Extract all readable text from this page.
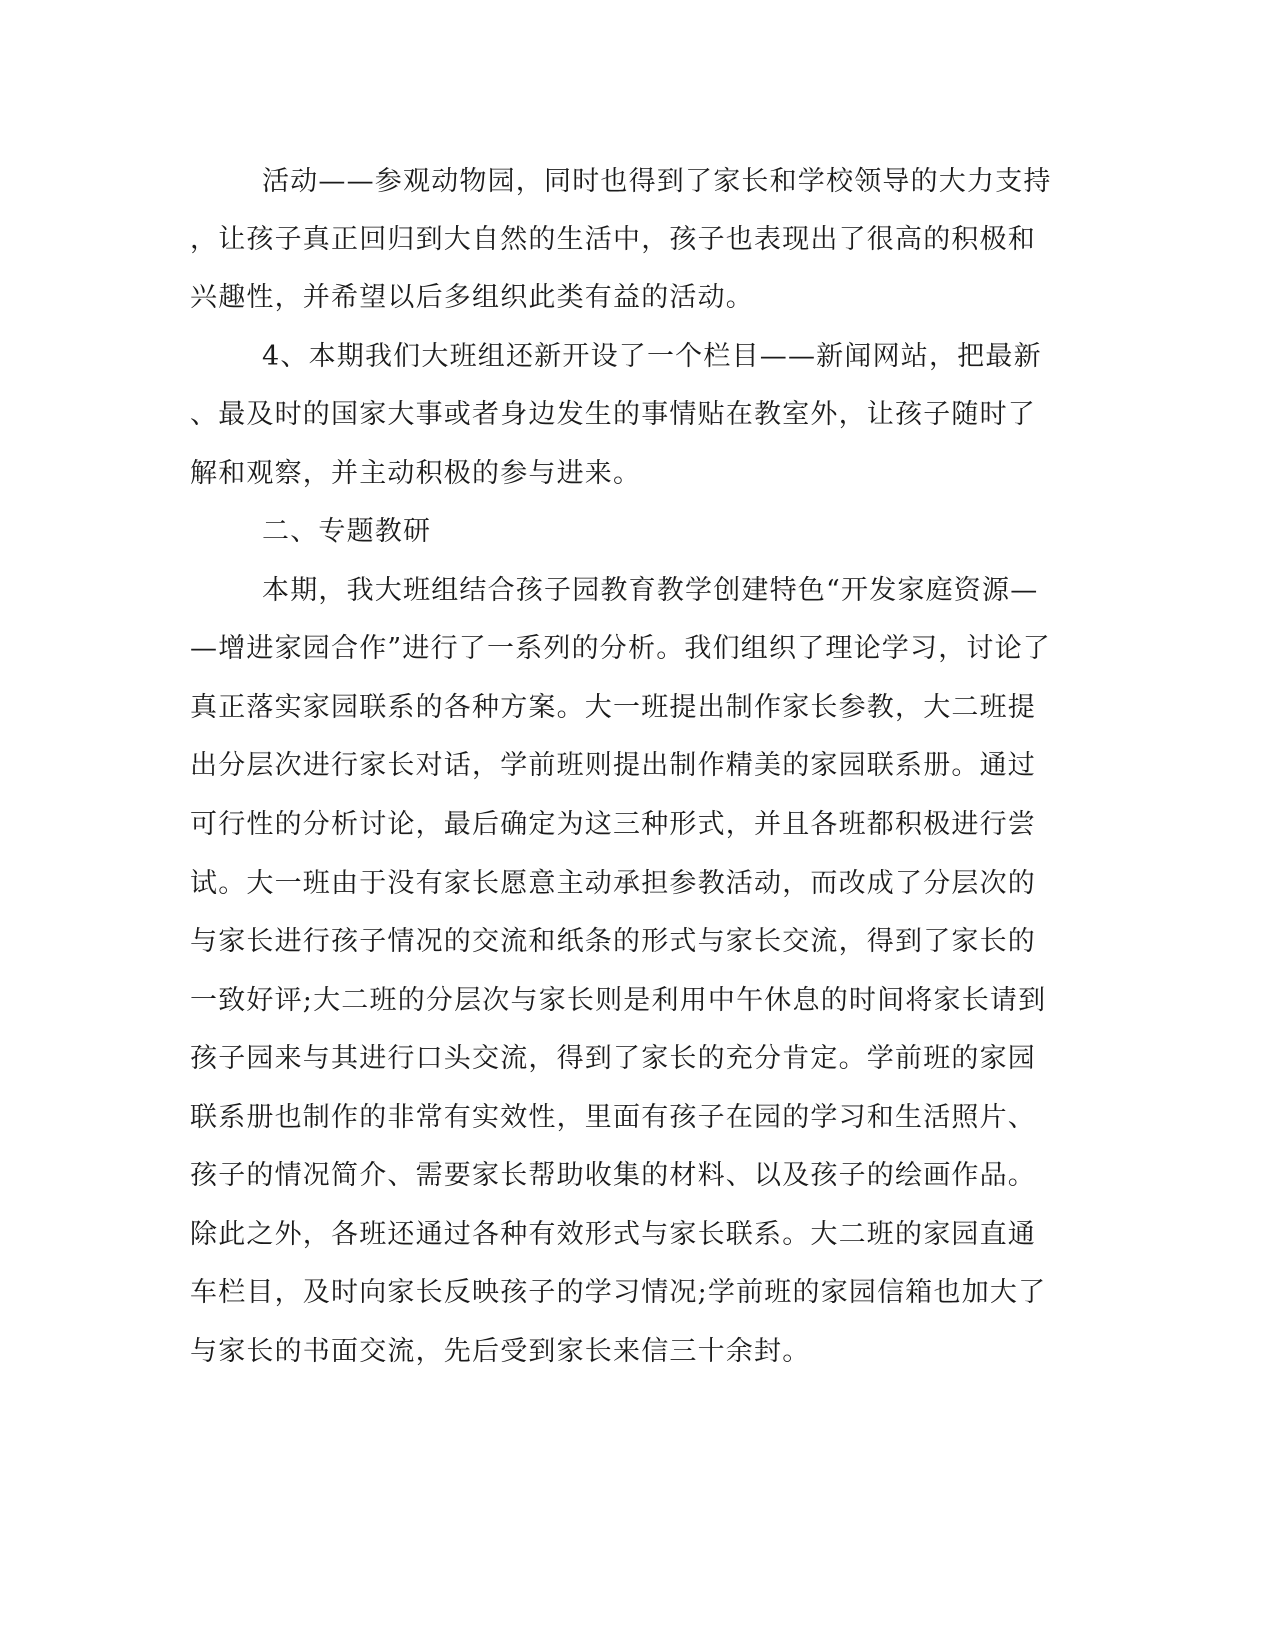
活动——参观动物园，同时也得到了家长和学校领导的大力支持
，让孩子真正回归到大自然的生活中，孩子也表现出了很高的积极和
兴趣性，并希望以后多组织此类有益的活动。
4、本期我们大班组还新开设了一个栏目——新闻网站，把最新
、最及时的国家大事或者身边发生的事情贴在教室外，让孩子随时了
解和观察，并主动积极的参与进来。
二、专题教研
本期，我大班组结合孩子园教育教学创建特色“开发家庭资源—
—增进家园合作”进行了一系列的分析。我们组织了理论学习，讨论了
真正落实家园联系的各种方案。大一班提出制作家长参教，大二班提
出分层次进行家长对话，学前班则提出制作精美的家园联系册。通过
可行性的分析讨论，最后确定为这三种形式，并且各班都积极进行尝
试。大一班由于没有家长愿意主动承担参教活动，而改成了分层次的
与家长进行孩子情况的交流和纸条的形式与家长交流，得到了家长的
一致好评;大二班的分层次与家长则是利用中午休息的时间将家长请到
孩子园来与其进行口头交流，得到了家长的充分肯定。学前班的家园
联系册也制作的非常有实效性，里面有孩子在园的学习和生活照片、
孩子的情况简介、需要家长帮助收集的材料、以及孩子的绘画作品。
除此之外，各班还通过各种有效形式与家长联系。大二班的家园直通
车栏目，及时向家长反映孩子的学习情况;学前班的家园信箱也加大了
与家长的书面交流，先后受到家长来信三十余封。
